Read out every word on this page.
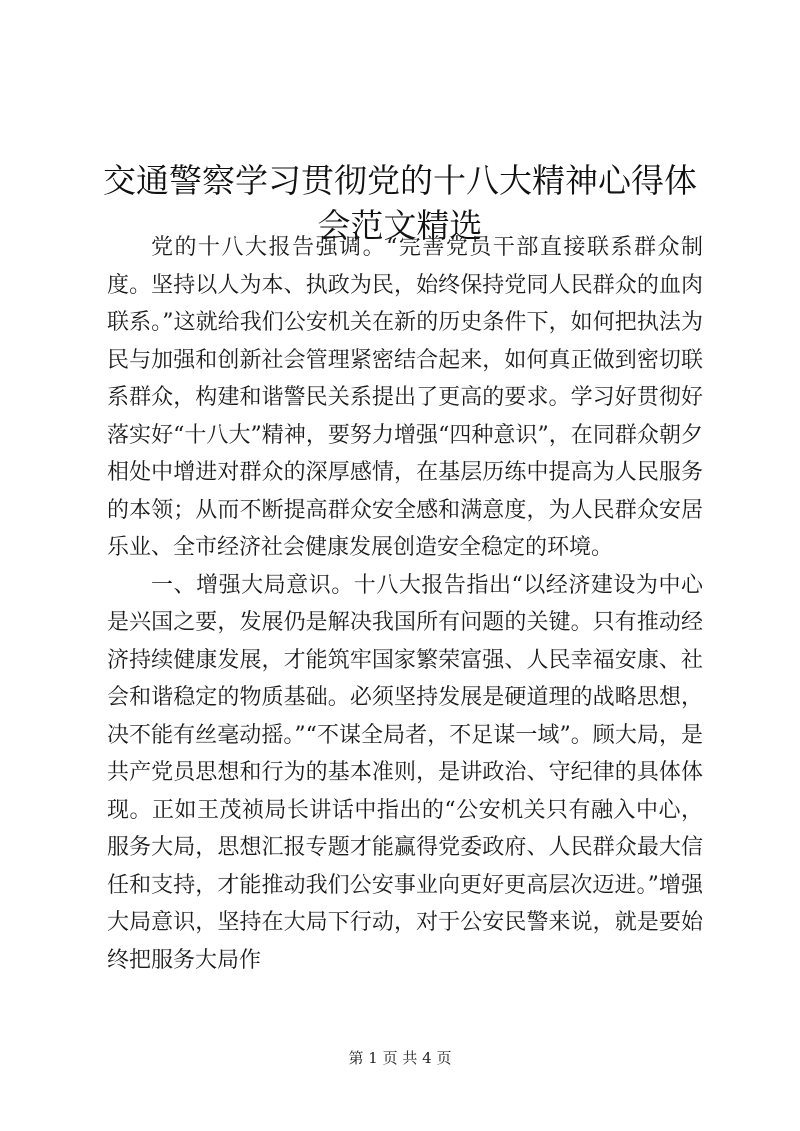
交通警察学习贯彻党的十八大精神心得体会范文精选

党的十八大报告强调。“完善党员干部直接联系群众制度。坚持以人为本、执政为民，始终保持党同人民群众的血肉联系。”这就给我们公安机关在新的历史条件下，如何把执法为民与加强和创新社会管理紧密结合起来，如何真正做到密切联系群众，构建和谐警民关系提出了更高的要求。学习好贯彻好落实好“十八大”精神，要努力增强“四种意识”，在同群众朝夕相处中增进对群众的深厚感情，在基层历练中提高为人民服务的本领；从而不断提高群众安全感和满意度，为人民群众安居乐业、全市经济社会健康发展创造安全稳定的环境。

一、增强大局意识。十八大报告指出“以经济建设为中心是兴国之要，发展仍是解决我国所有问题的关键。只有推动经济持续健康发展，才能筑牢国家繁荣富强、人民幸福安康、社会和谐稳定的物质基础。必须坚持发展是硬道理的战略思想，决不能有丝毫动摇。”“不谋全局者，不足谋一域”。顾大局，是共产党员思想和行为的基本准则，是讲政治、守纪律的具体体现。正如王茂祯局长讲话中指出的“公安机关只有融入中心，服务大局，思想汇报专题才能赢得党委政府、人民群众最大信任和支持，才能推动我们公安事业向更好更高层次迈进。”增强大局意识，坚持在大局下行动，对于公安民警来说，就是要始终把服务大局作

第 1 页 共 4 页
